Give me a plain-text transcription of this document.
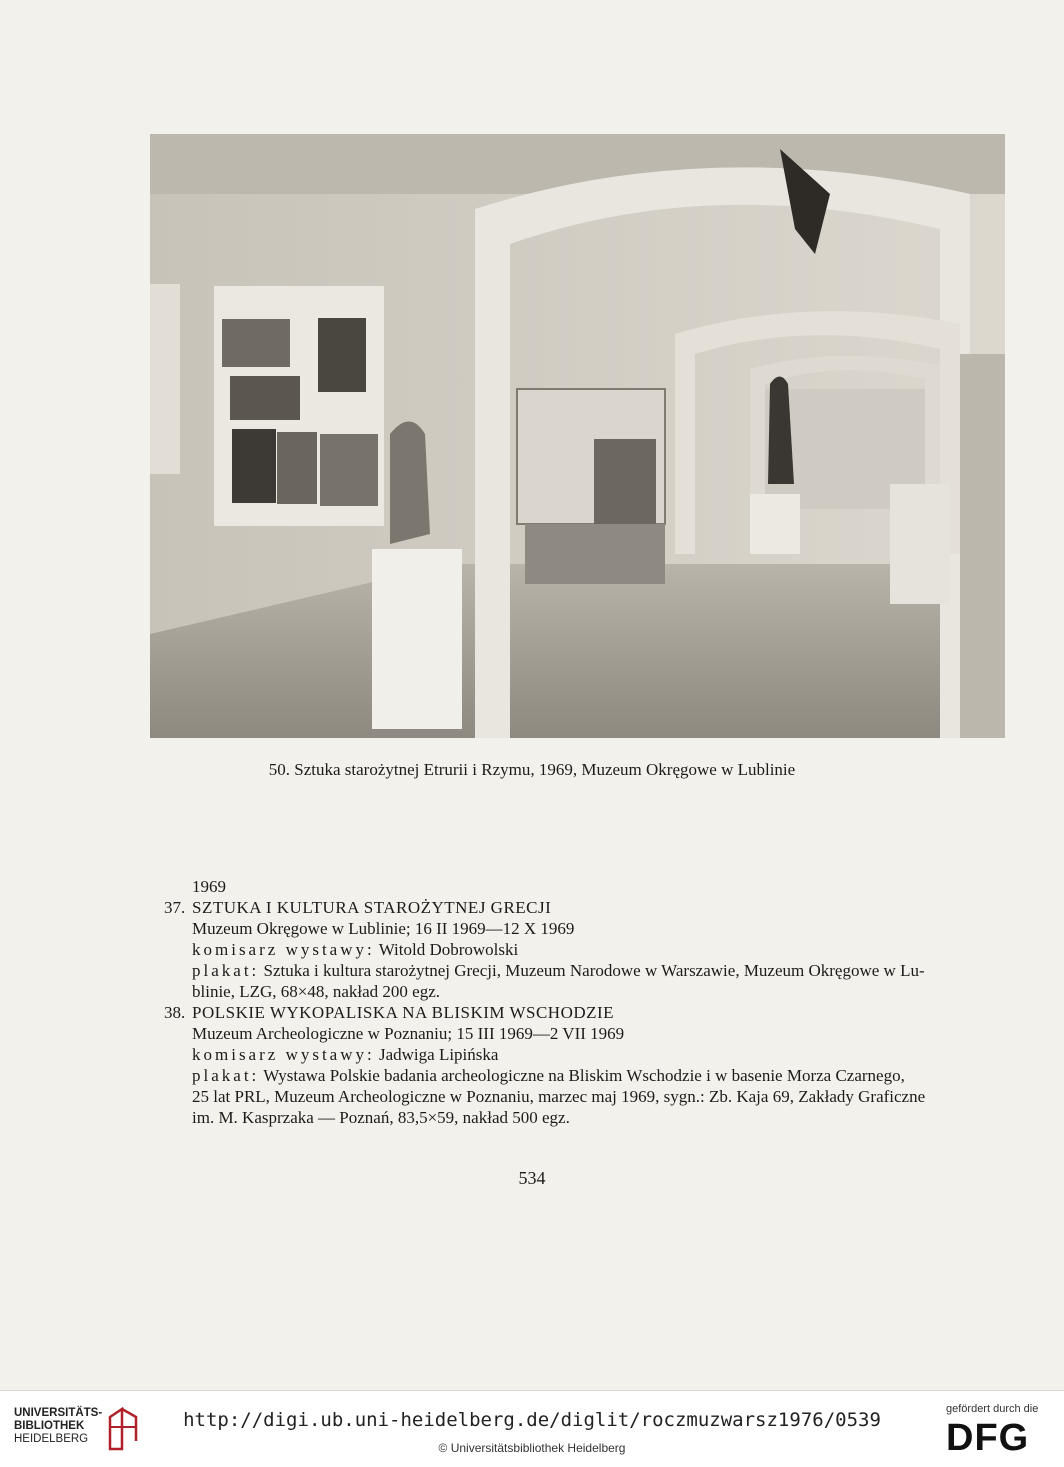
50. Sztuka starożytnej Etrurii i Rzymu, 1969, Muzeum Okręgowe w Lublinie
1969
37. SZTUKA I KULTURA STAROŻYTNEJ GRECJI
Muzeum Okręgowe w Lublinie; 16 II 1969—12 X 1969
komisarz wystawy: Witold Dobrowolski
plakat: Sztuka i kultura starożytnej Grecji, Muzeum Narodowe w Warszawie, Muzeum Okręgowe w Lu-
blinie, LZG, 68×48, nakład 200 egz.
38. POLSKIE WYKOPALISKA NA BLISKIM WSCHODZIE
Muzeum Archeologiczne w Poznaniu; 15 III 1969—2 VII 1969
komisarz wystawy: Jadwiga Lipińska
plakat: Wystawa Polskie badania archeologiczne na Bliskim Wschodzie i w basenie Morza Czarnego,
25 lat PRL, Muzeum Archeologiczne w Poznaniu, marzec maj 1969, sygn.: Zb. Kaja 69, Zakłady Graficzne
im. M. Kasprzaka — Poznań, 83,5×59, nakład 500 egz.
534
UNIVERSITÄTS-
BIBLIOTHEK
HEIDELBERG
http://digi.ub.uni-heidelberg.de/diglit/roczmuzwarsz1976/0539
© Universitätsbibliothek Heidelberg
gefördert durch die
DFG
